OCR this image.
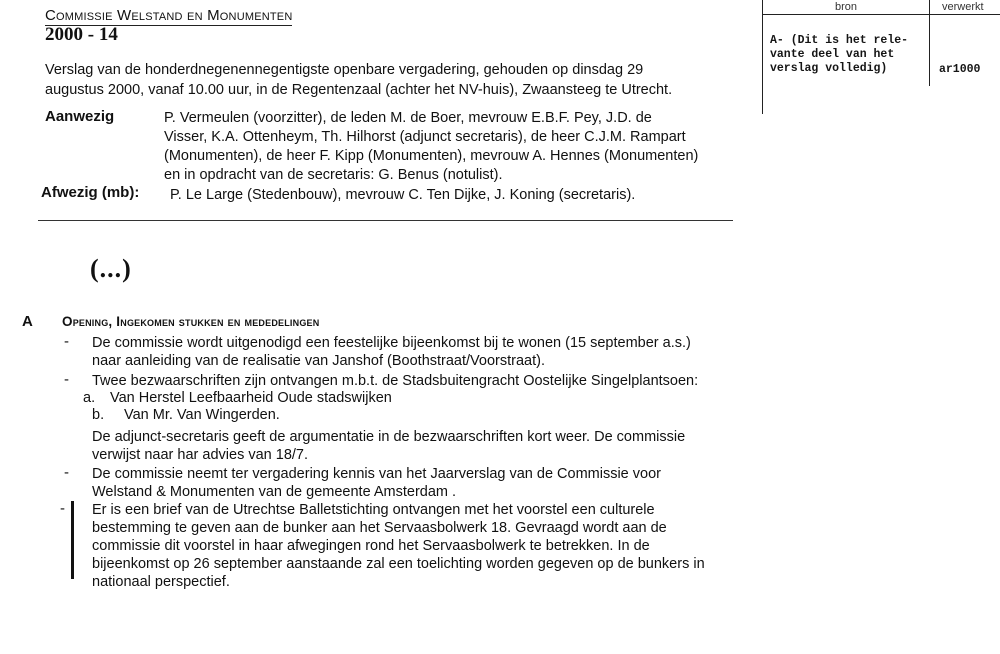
Commissie Welstand en Monumenten
2000 - 14
Verslag van de honderdnegenennegentigste openbare vergadering, gehouden op dinsdag 29
augustus 2000, vanaf 10.00 uur, in de Regentenzaal (achter het NV-huis), Zwaansteeg te Utrecht.
Aanwezig	P. Vermeulen (voorzitter), de leden M. de Boer, mevrouw E.B.F. Pey, J.D. de
Visser, K.A. Ottenheym, Th. Hilhorst (adjunct secretaris), de heer C.J.M. Rampart
(Monumenten), de heer F. Kipp (Monumenten), mevrouw A. Hennes (Monumenten)
en in opdracht van de secretaris: G. Benus (notulist).
Afwezig (mb): P. Le Large (Stedenbouw), mevrouw C. Ten Dijke, J. Koning (secretaris).
(...)
A Opening, Ingekomen stukken en mededelingen
- De commissie wordt uitgenodigd een feestelijke bijeenkomst bij te wonen (15 september a.s.)
naar aanleiding van de realisatie van Janshof (Boothstraat/Voorstraat).
- Twee bezwaarschriften zijn ontvangen m.b.t. de Stadsbuitengracht Oostelijke Singelplantsoen:
a. Van Herstel Leefbaarheid Oude stadswijken
b. Van Mr. Van Wingerden.
De adjunct-secretaris geeft de argumentatie in de bezwaarschriften kort weer. De commissie
verwijst naar har advies van 18/7.
- De commissie neemt ter vergadering kennis van het Jaarverslag van de Commissie voor
Welstand & Monumenten van de gemeente Amsterdam .
- Er is een brief van de Utrechtse Balletstichting ontvangen met het voorstel een culturele
bestemming te geven aan de bunker aan het Servaasbolwerk 18. Gevraagd wordt aan de
commissie dit voorstel in haar afwegingen rond het Servaasbolwerk te betrekken. In de
bijeenkomst op 26 september aanstaande zal een toelichting worden gegeven op de bunkers in
nationaal perspectief.
bron	verwerkt
A- (Dit is het rele-
vante deel van het
verslag volledig)	ar1000
